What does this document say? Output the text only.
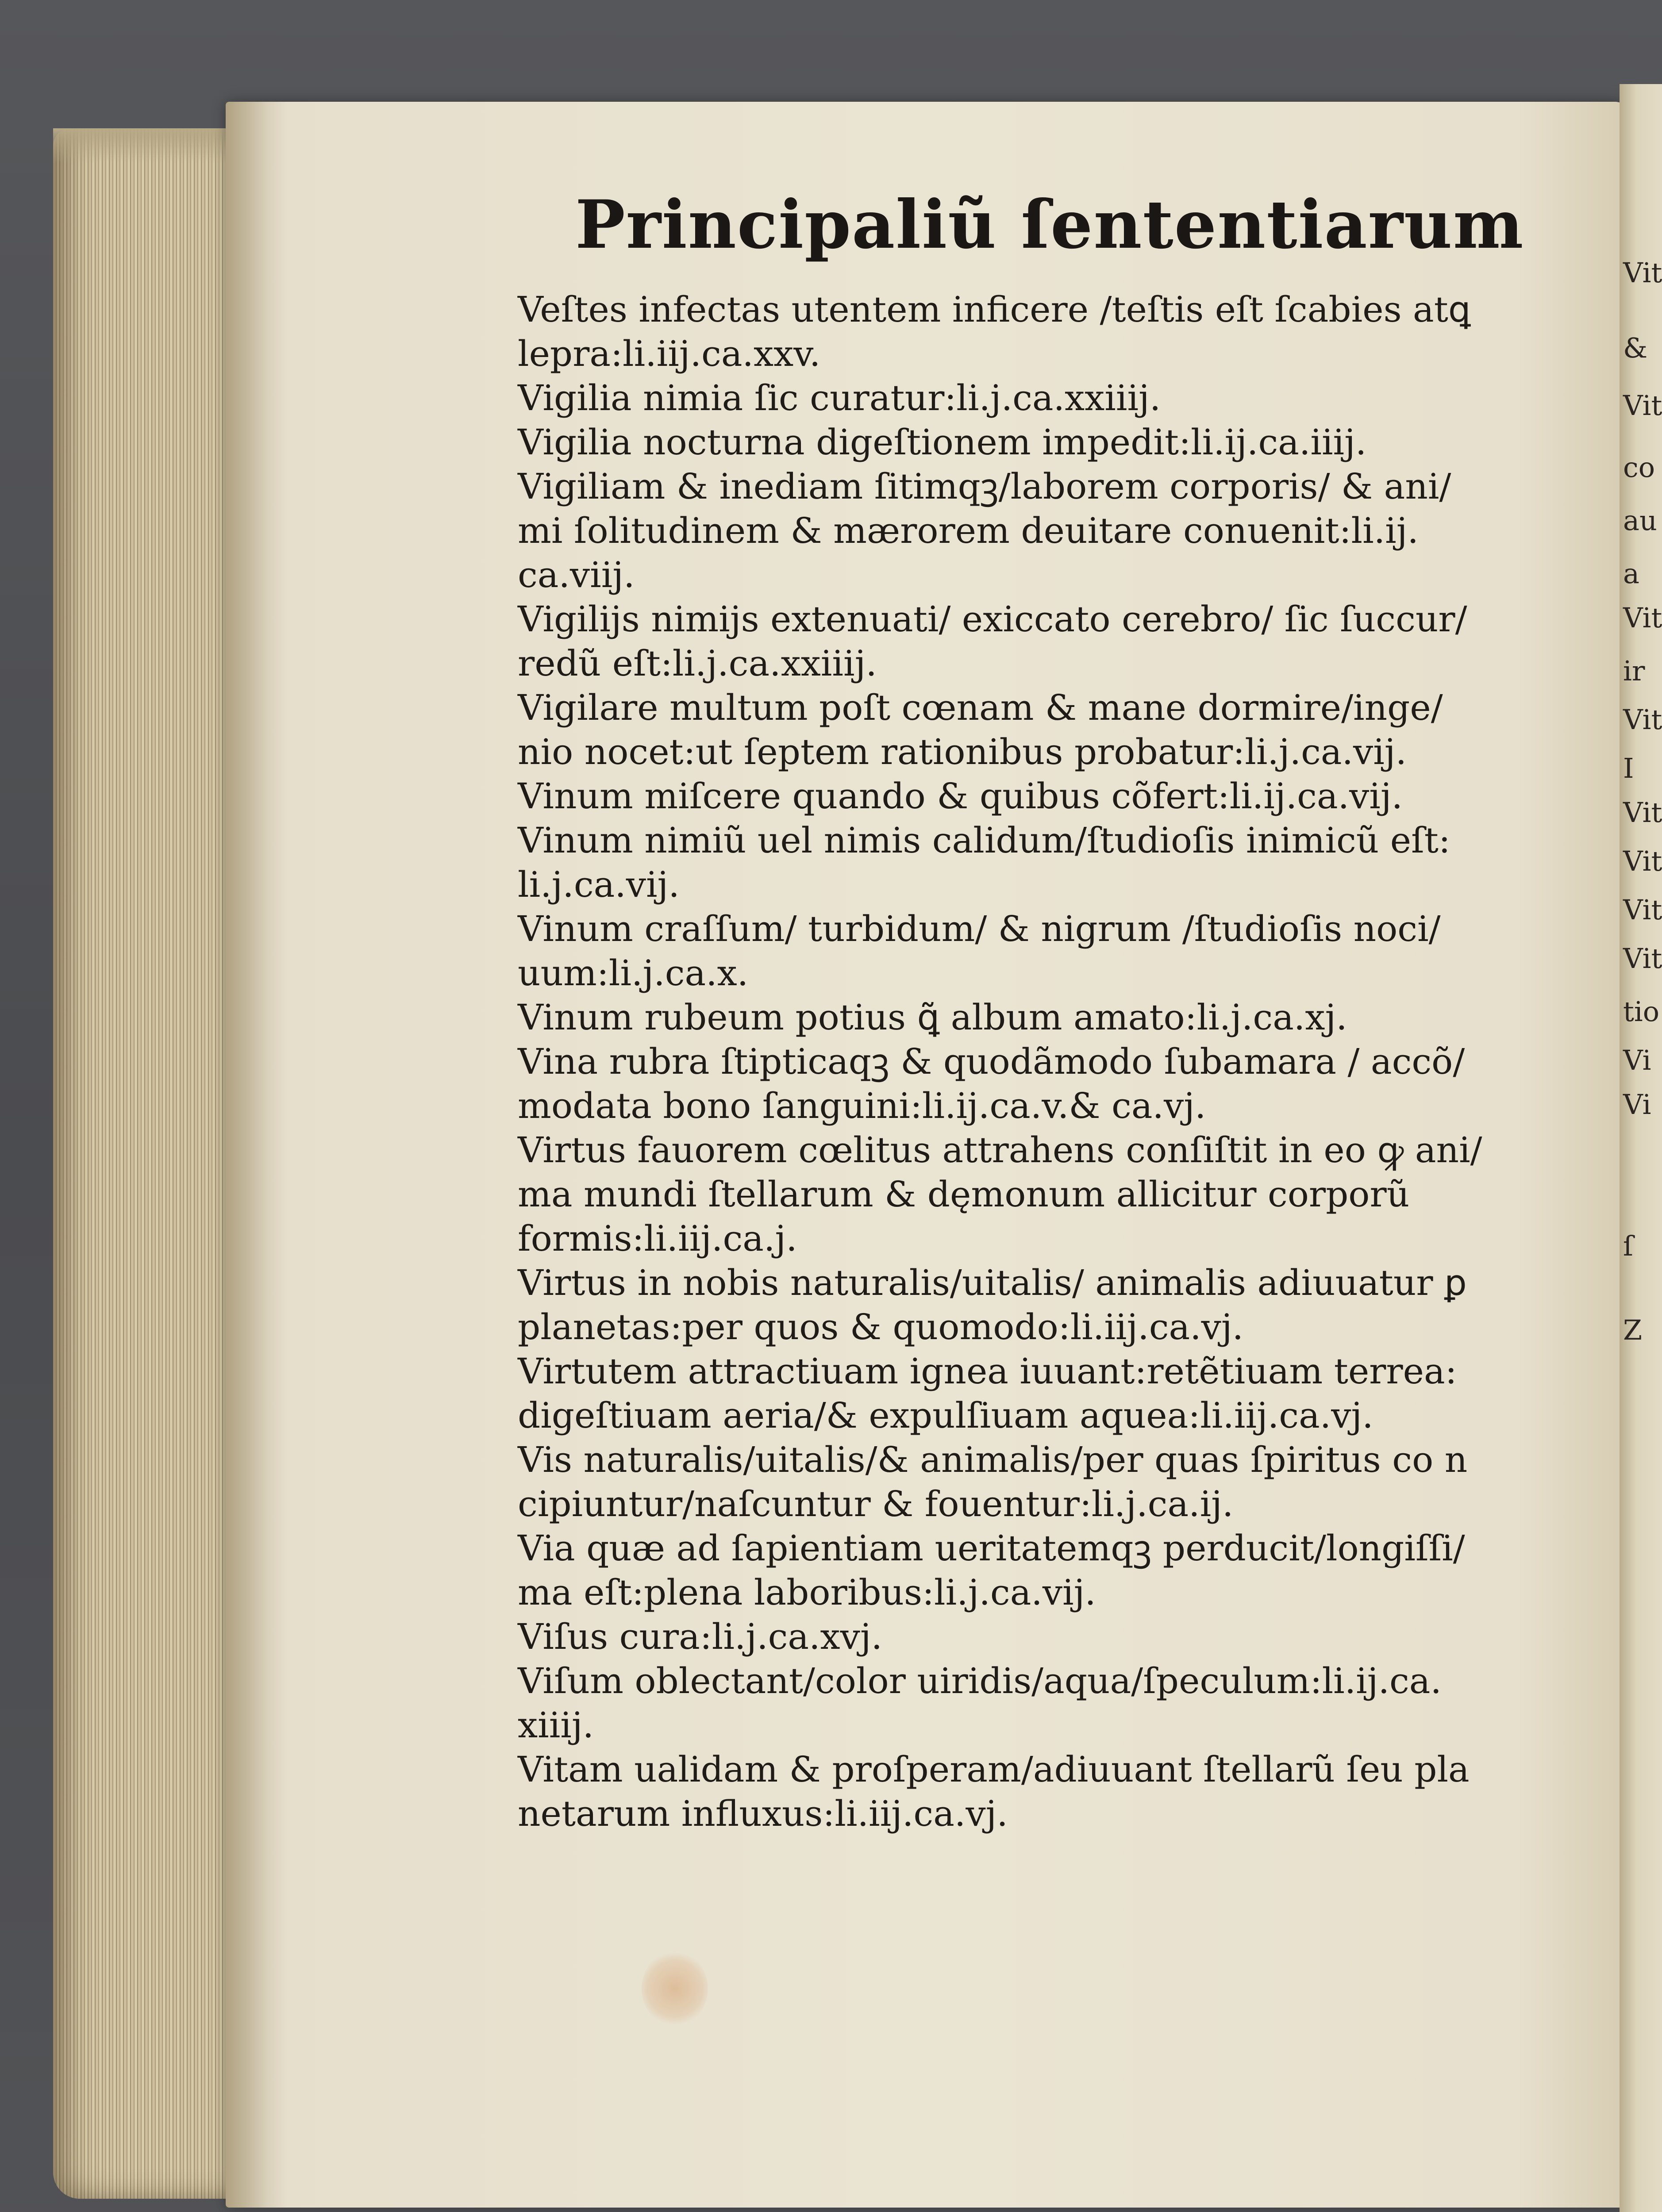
Principaliũ ſententiarum
Veſtes infectas utentem inficere /teſtis eſt ſcabies atꝗ
lepra:li.iij.ca.xxv.
Vigilia nimia ſic curatur:li.j.ca.xxiiij.
Vigilia nocturna digeſtionem impedit:li.ij.ca.iiij.
Vigiliam & inediam ſitimqꝫ/laborem corporis/ & ani/
mi ſolitudinem & mærorem deuitare conuenit:li.ij.
ca.viij.
Vigilijs nimijs extenuati/ exiccato cerebro/ ſic ſuccur/
redũ eſt:li.j.ca.xxiiij.
Vigilare multum poſt cœnam & mane dormire/inge/
nio nocet:ut ſeptem rationibus probatur:li.j.ca.vij.
Vinum miſcere quando & quibus cõfert:li.ij.ca.vij.
Vinum nimiũ uel nimis calidum/ſtudioſis inimicũ eſt:
li.j.ca.vij.
Vinum craſſum/ turbidum/ & nigrum /ſtudioſis noci/
uum:li.j.ca.x.
Vinum rubeum potius ꝗ̃ album amato:li.j.ca.xj.
Vina rubra ſtipticaqꝫ & quodãmodo ſubamara / accõ/
modata bono ſanguini:li.ij.ca.v.& ca.vj.
Virtus fauorem cœlitus attrahens conſiſtit in eo ꝙ ani/
ma mundi ſtellarum & dęmonum allicitur corporũ
formis:li.iij.ca.j.
Virtus in nobis naturalis/uitalis/ animalis adiuuatur ꝑ
planetas:per quos & quomodo:li.iij.ca.vj.
Virtutem attractiuam ignea iuuant:retẽtiuam terrea:
digeſtiuam aeria/& expulſiuam aquea:li.iij.ca.vj.
Vis naturalis/uitalis/& animalis/per quas ſpiritus co n
cipiuntur/naſcuntur & fouentur:li.j.ca.ij.
Via quæ ad ſapientiam ueritatemqꝫ perducit/longiſſi/
ma eſt:plena laboribus:li.j.ca.vij.
Viſus cura:li.j.ca.xvj.
Viſum oblectant/color uiridis/aqua/ſpeculum:li.ij.ca.
xiiij.
Vitam ualidam & proſperam/adiuuant ſtellarũ ſeu pla
netarum influxus:li.iij.ca.vj.
Vit
&
Vit
co
au
a
Vit
ir
Vit
I
Vit
Vit
Vit
Vit
tio
Vi
Vi
ſ
Z
